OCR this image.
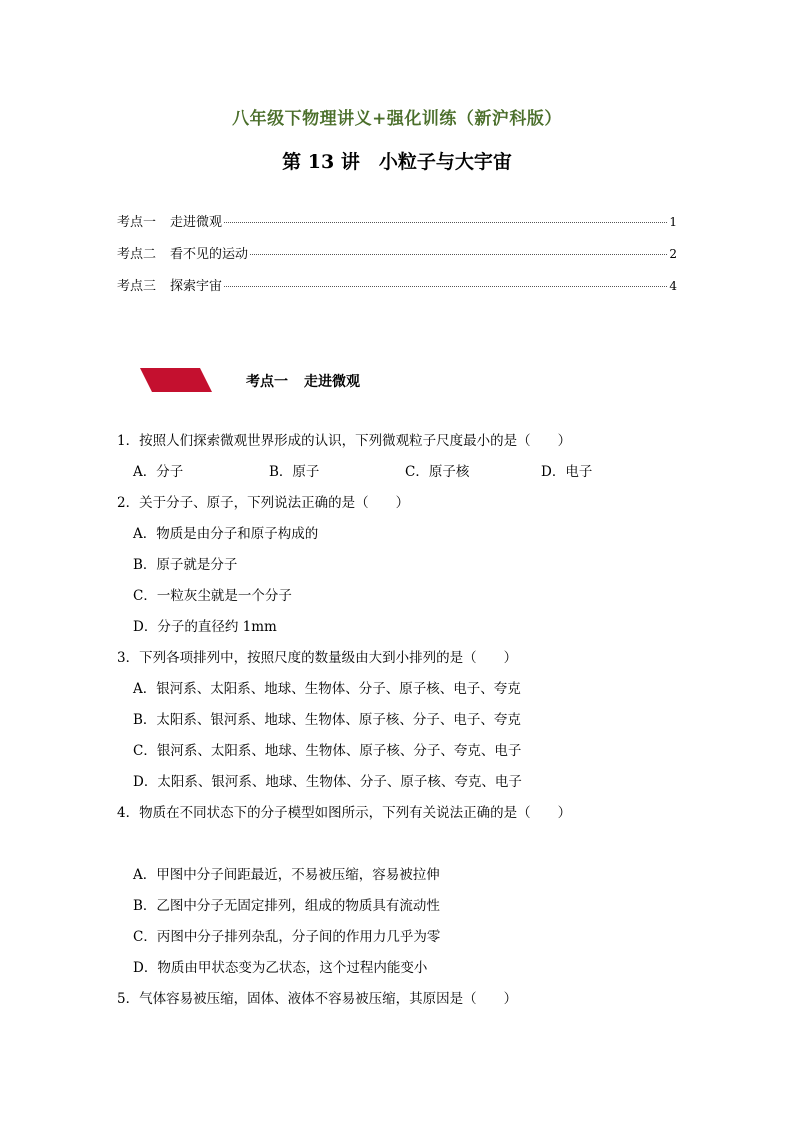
八年级下物理讲义+强化训练（新沪科版）
第 13 讲　小粒子与大宇宙
考点一 走进微观	1
考点二 看不见的运动	2
考点三 探索宇宙	4
考点一 走进微观
1．按照人们探索微观世界形成的认识，下列微观粒子尺度最小的是（　　）
A．分子	B．原子	C．原子核	D．电子
2．关于分子、原子，下列说法正确的是（　　）
A．物质是由分子和原子构成的
B．原子就是分子
C．一粒灰尘就是一个分子
D．分子的直径约 1mm
3．下列各项排列中，按照尺度的数量级由大到小排列的是（　　）
A．银河系、太阳系、地球、生物体、分子、原子核、电子、夸克
B．太阳系、银河系、地球、生物体、原子核、分子、电子、夸克
C．银河系、太阳系、地球、生物体、原子核、分子、夸克、电子
D．太阳系、银河系、地球、生物体、分子、原子核、夸克、电子
4．物质在不同状态下的分子模型如图所示，下列有关说法正确的是（　　）
A．甲图中分子间距最近，不易被压缩，容易被拉伸
B．乙图中分子无固定排列，组成的物质具有流动性
C．丙图中分子排列杂乱，分子间的作用力几乎为零
D．物质由甲状态变为乙状态，这个过程内能变小
5．气体容易被压缩，固体、液体不容易被压缩，其原因是（　　）
